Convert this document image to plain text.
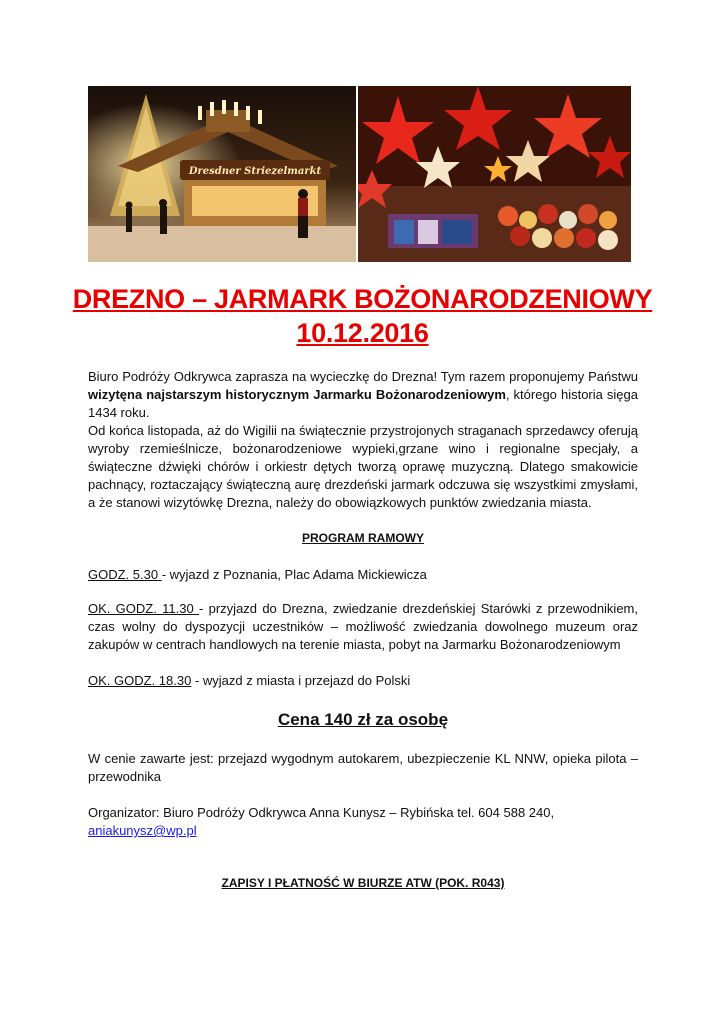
Dresdner Striezelmarkt
DREZNO – JARMARK BOŻONARODZENIOWY
10.12.2016
Biuro Podróży Odkrywca zaprasza na wycieczkę do Drezna! Tym razem proponujemy Państwu wizytęna najstarszym historycznym Jarmarku Bożonarodzeniowym, którego historia sięga 1434 roku.
Od końca listopada, aż do Wigilii na świątecznie przystrojonych straganach sprzedawcy oferują wyroby rzemieślnicze, bożonarodzeniowe wypieki,grzane wino i regionalne specjały, a świąteczne dźwięki chórów i orkiestr dętych tworzą oprawę muzyczną. Dlatego smakowicie pachnący, roztaczający świąteczną aurę drezdeński jarmark odczuwa się wszystkimi zmysłami, a że stanowi wizytówkę Drezna, należy do obowiązkowych punktów zwiedzania miasta.
PROGRAM RAMOWY
GODZ. 5.30 - wyjazd z Poznania, Plac Adama Mickiewicza
OK. GODZ. 11.30 - przyjazd do Drezna, zwiedzanie drezdeńskiej Starówki z przewodnikiem, czas wolny do dyspozycji uczestników – możliwość zwiedzania dowolnego muzeum oraz zakupów w centrach handlowych na terenie miasta, pobyt na Jarmarku Bożonarodzeniowym
OK. GODZ. 18.30 - wyjazd z miasta i przejazd do Polski
Cena 140 zł za osobę
W cenie zawarte jest: przejazd wygodnym autokarem, ubezpieczenie KL NNW, opieka pilota – przewodnika
Organizator: Biuro Podróży Odkrywca Anna Kunysz – Rybińska tel. 604 588 240,
aniakunysz@wp.pl
ZAPISY I PŁATNOŚĆ W BIURZE ATW (POK. R043)
